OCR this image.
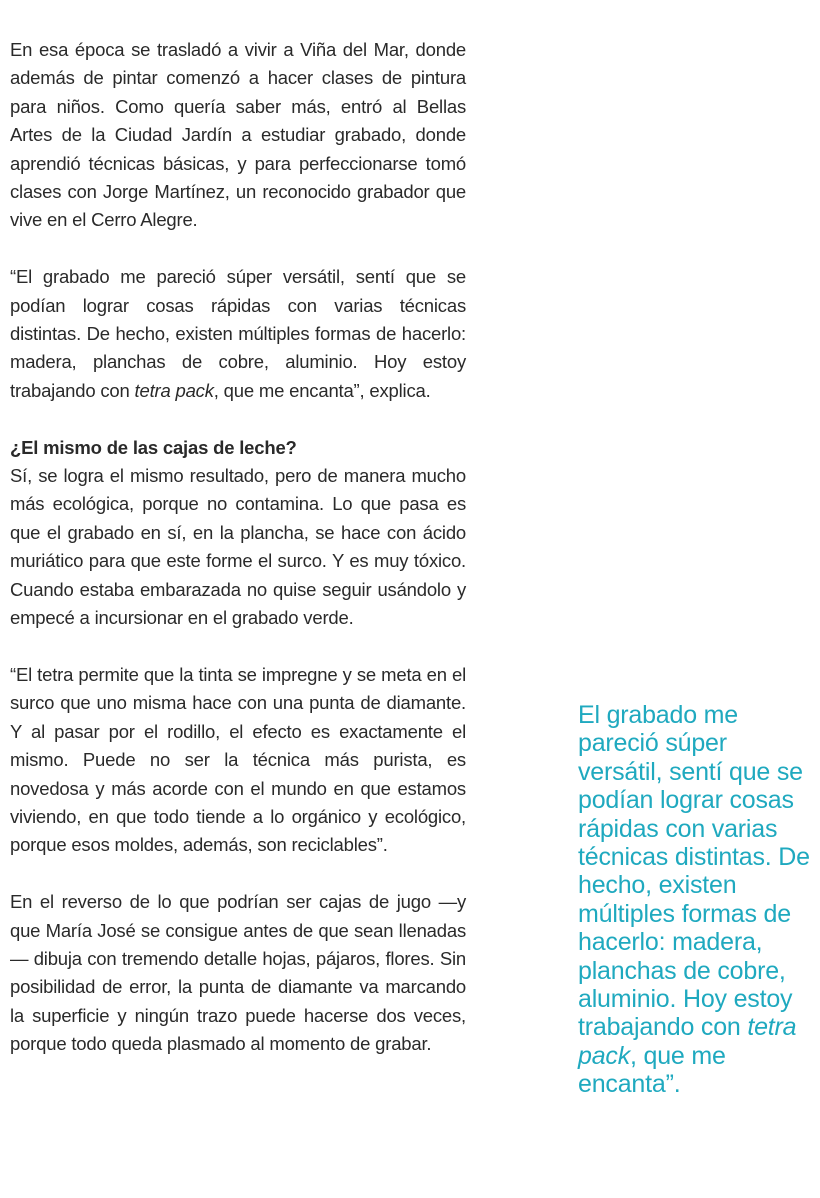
En esa época se trasladó a vivir a Viña del Mar, donde además de pintar comenzó a hacer clases de pintura para niños. Como quería saber más, entró al Bellas Artes de la Ciudad Jardín a estudiar grabado, donde aprendió técnicas básicas, y para perfeccionarse tomó clases con Jorge Martínez, un reconocido grabador que vive en el Cerro Alegre.

“El grabado me pareció súper versátil, sentí que se podían lograr cosas rápidas con varias técnicas distintas. De hecho, existen múltiples formas de hacerlo: madera, planchas de cobre, aluminio. Hoy estoy trabajando con tetra pack, que me encanta”, explica.

¿El mismo de las cajas de leche?

Sí, se logra el mismo resultado, pero de manera mucho más ecológica, porque no contamina. Lo que pasa es que el grabado en sí, en la plancha, se hace con ácido muriático para que este forme el surco. Y es muy tóxico. Cuando estaba embarazada no quise seguir usándolo y empecé a incursionar en el grabado verde.

“El tetra permite que la tinta se impregne y se meta en el surco que uno misma hace con una punta de diamante. Y al pasar por el rodillo, el efecto es exactamente el mismo. Puede no ser la técnica más purista, es novedosa y más acorde con el mundo en que estamos viviendo, en que todo tiende a lo orgánico y ecológico, porque esos moldes, además, son reciclables”.

En el reverso de lo que podrían ser cajas de jugo —y que María José se consigue antes de que sean llenadas— dibuja con tremendo detalle hojas, pájaros, flores. Sin posibilidad de error, la punta de diamante va marcando la superficie y ningún trazo puede hacerse dos veces, porque todo queda plasmado al momento de grabar.

El grabado me pareció súper versátil, sentí que se podían lograr cosas rápidas con varias técnicas distintas. De hecho, existen múltiples formas de hacerlo: madera, planchas de cobre, aluminio. Hoy estoy trabajando con tetra pack, que me encanta”.
